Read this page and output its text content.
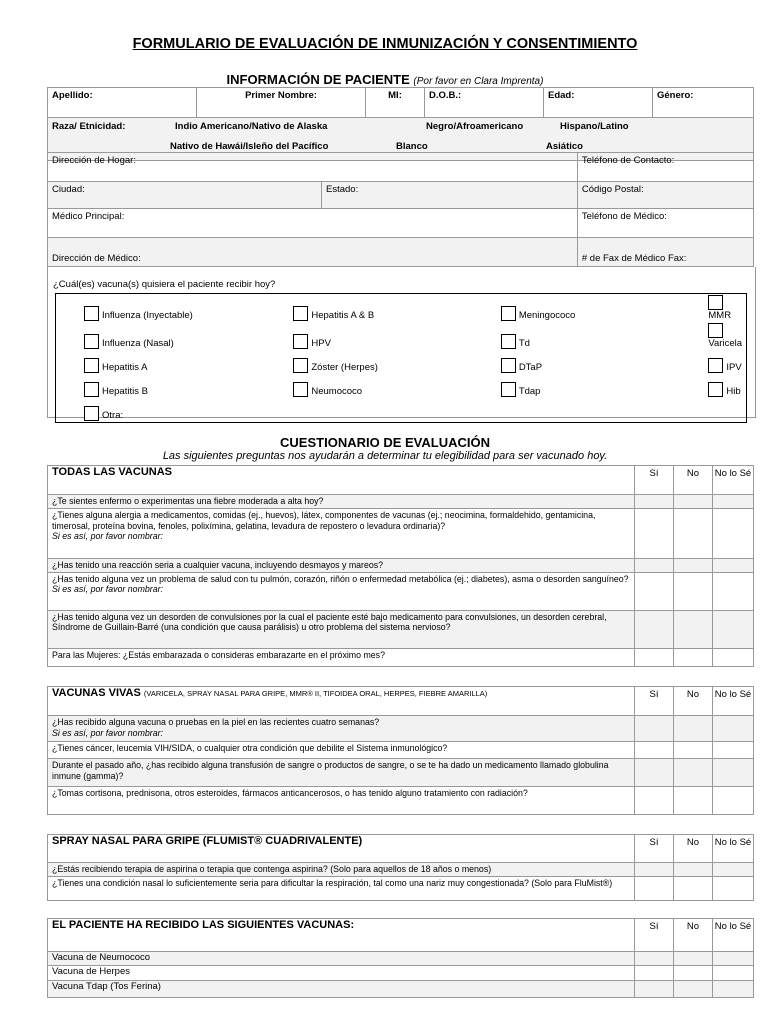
FORMULARIO DE EVALUACIÓN DE INMUNIZACIÓN Y CONSENTIMIENTO
INFORMACIÓN DE PACIENTE (Por favor en Clara Imprenta)
Apellido:	Primer Nombre:	MI:	D.O.B.:	Edad:	Género:

Raza/ Etnicidad:	Indio Americano/Nativo de Alaska	Negro/Afroamericano	Hispano/Latino
Nativo de Hawái/Isleño del Pacífico	Blanco	Asiático
Dirección de Hogar:		Teléfono de Contacto:
Ciudad:	Estado:	Código Postal:
Médico Principal:		Teléfono de Médico:
Dirección de Médico:		# de Fax de Médico Fax:
¿Cuál(es) vacuna(s) quisiera el paciente recibir hoy?
Influenza (Inyectable)	Hepatitis A & B	Meningococo	MMR
Influenza (Nasal)	HPV	Td	Varicela
Hepatitis A	Zóster (Herpes)	DTaP	IPV
Hepatitis B	Neumococo	Tdap	Hib
Otra:			
CUESTIONARIO DE EVALUACIÓN
Las siguientes preguntas nos ayudarán a determinar tu elegibilidad para ser vacunado hoy.
TODAS LAS VACUNAS	Sí	No	No lo Sé
¿Te sientes enfermo o experimentas una fiebre moderada a alta hoy?			

¿Tienes alguna alergia a medicamentos, comidas (ej., huevos), látex, componentes de vacunas (ej.; neocimina, formaldehido, gentamicina, timerosal, proteína bovina, fenoles, polixímina, gelatina, levadura de repostero o levadura ordinaria)?
Si es así, por favor nombrar:			

¿Has tenido una reacción seria a cualquier vacuna, incluyendo desmayos y mareos?			

¿Has tenido alguna vez un problema de salud con tu pulmón, corazón, riñón o enfermedad metabólica (ej.; diabetes), asma o desorden sanguíneo?
Si es así, por favor nombrar:			

¿Has tenido alguna vez un desorden de convulsiones por la cual el paciente esté bajo medicamento para convulsiones, un desorden cerebral, Síndrome de Guillain-Barré (una condición que causa parálisis) u otro problema del sistema nervioso?			
Para las Mujeres: ¿Estás embarazada o consideras embarazarte en el próximo mes?			
VACUNAS VIVAS (VARICELA, SPRAY NASAL PARA GRIPE, MMR® II, TIFOIDEA ORAL, HERPES, FIEBRE AMARILLA)	Sí	No	No lo Sé

¿Has recibido alguna vacuna o pruebas en la piel en las recientes cuatro semanas?
Si es así, por favor nombrar:			

¿Tienes cáncer, leucemia VIH/SIDA, o cualquier otra condición que debilite el Sistema inmunológico?			
Durante el pasado año, ¿has recibido alguna transfusión de sangre o productos de sangre, o se te ha dado un medicamento llamado globulina inmune (gamma)?			
¿Tomas cortisona, prednisona, otros esteroides, fármacos anticancerosos, o has tenido alguno tratamiento con radiación?			
SPRAY NASAL PARA GRIPE (FLUMIST® CUADRIVALENTE)	Sí	No	No lo Sé
¿Estás recibiendo terapia de aspirina o terapia que contenga aspirina? (Solo para aquellos de 18 años o menos)			
¿Tienes una condición nasal lo suficientemente seria para dificultar la respiración, tal como una nariz muy congestionada? (Solo para FluMist®)			
EL PACIENTE HA RECIBIDO LAS SIGUIENTES VACUNAS:	Sí	No	No lo Sé
Vacuna de Neumococo			
Vacuna de Herpes			
Vacuna Tdap (Tos Ferina)			
